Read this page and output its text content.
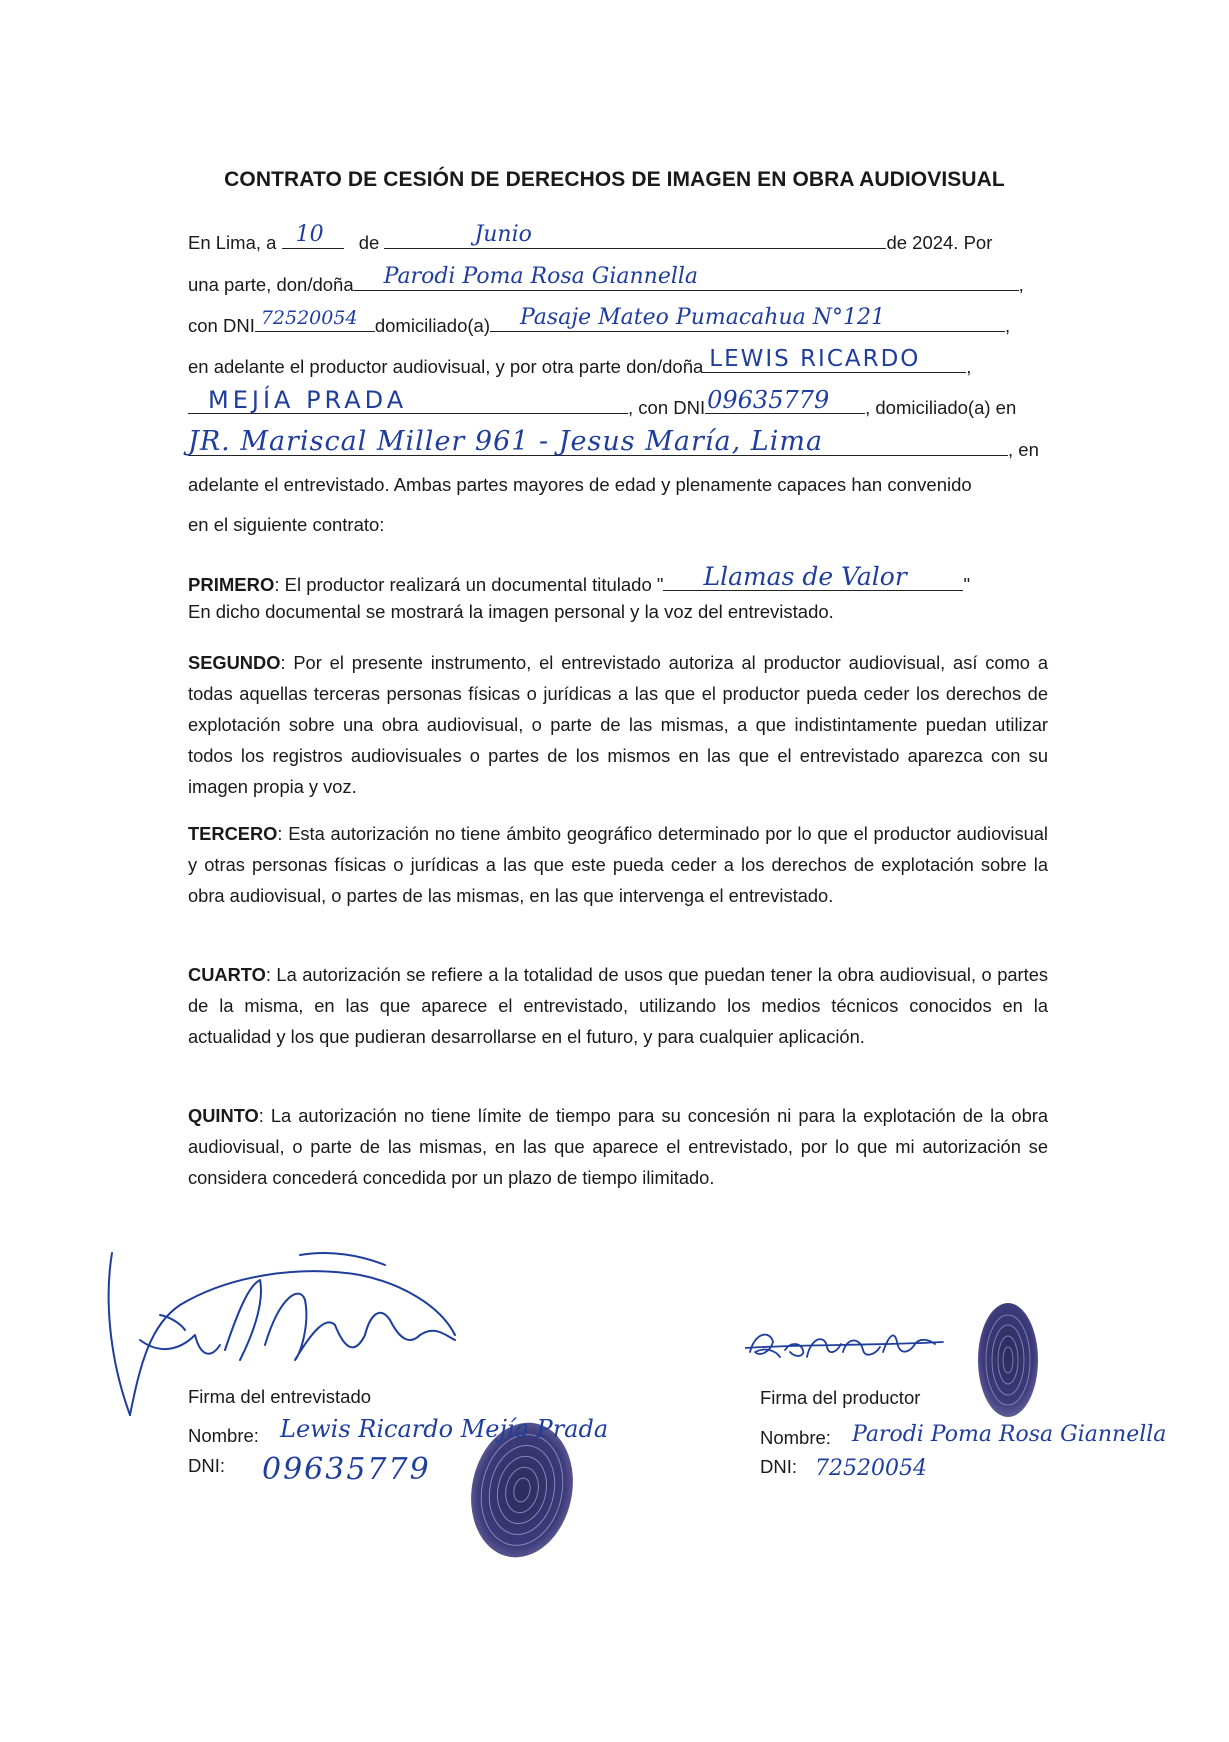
CONTRATO DE CESIÓN DE DERECHOS DE IMAGEN EN OBRA AUDIOVISUAL
En Lima, a 10 de	Junio	de 2024. Por
una parte, don/doña Parodi Poma Rosa Giannella	,
con DNI 72520054 domiciliado(a) Pasaje Mateo Pumacahua N°121	,
en adelante el productor audiovisual, y por otra parte don/doña LEWIS RICARDO ,
MEJÍA PRADA	, con DNI 09635779 , domiciliado(a) en
JR. Mariscal Miller 961 - Jesus María, Lima	, en
adelante el entrevistado. Ambas partes mayores de edad y plenamente capaces han convenido
en el siguiente contrato:
PRIMERO: El productor realizará un documental titulado " Llamas de Valor	"
En dicho documental se mostrará la imagen personal y la voz del entrevistado.
SEGUNDO: Por el presente instrumento, el entrevistado autoriza al productor audiovisual, así como a todas aquellas terceras personas físicas o jurídicas a las que el productor pueda ceder los derechos de explotación sobre una obra audiovisual, o parte de las mismas, a que indistintamente puedan utilizar todos los registros audiovisuales o partes de los mismos en las que el entrevistado aparezca con su imagen propia y voz.
TERCERO: Esta autorización no tiene ámbito geográfico determinado por lo que el productor audiovisual y otras personas físicas o jurídicas a las que este pueda ceder a los derechos de explotación sobre la obra audiovisual, o partes de las mismas, en las que intervenga el entrevistado.
CUARTO: La autorización se refiere a la totalidad de usos que puedan tener la obra audiovisual, o partes de la misma, en las que aparece el entrevistado, utilizando los medios técnicos conocidos en la actualidad y los que pudieran desarrollarse en el futuro, y para cualquier aplicación.
QUINTO: La autorización no tiene límite de tiempo para su concesión ni para la explotación de la obra audiovisual, o parte de las mismas, en las que aparece el entrevistado, por lo que mi autorización se considera concederá concedida por un plazo de tiempo ilimitado.
Firma del entrevistado
Nombre: Lewis Ricardo Mejía Prada
DNI: 09635779
Firma del productor
Nombre: Parodi Poma Rosa Giannella
DNI: 72520054
